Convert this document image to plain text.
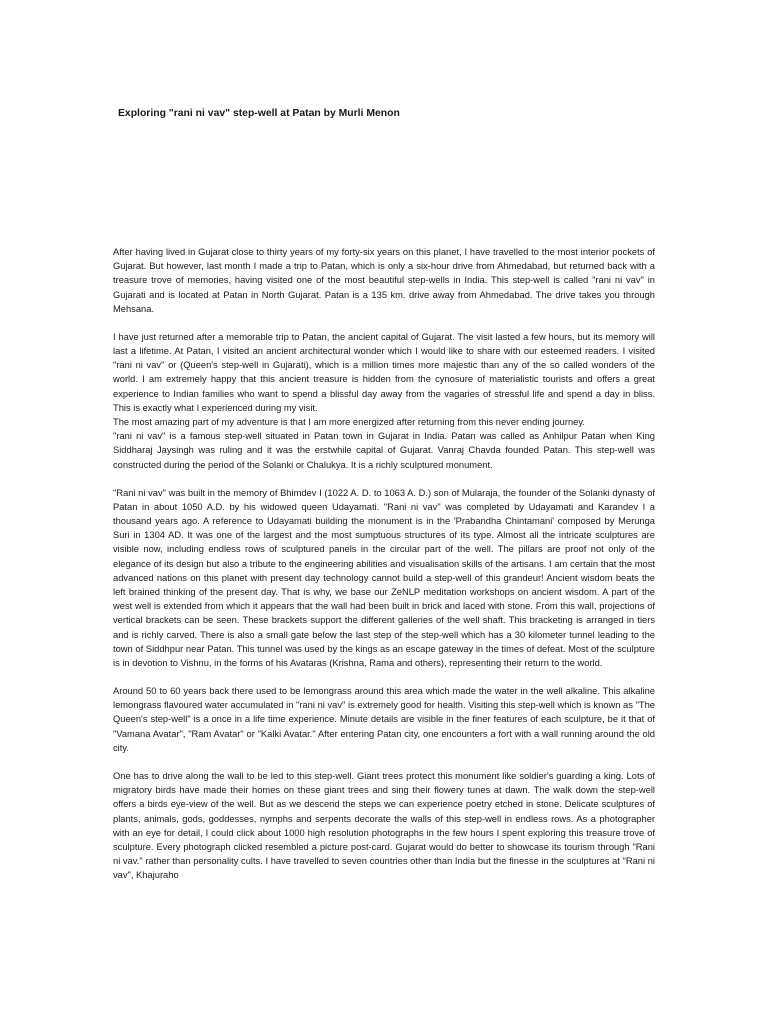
Exploring "rani ni vav" step-well at Patan by Murli Menon

After having lived in Gujarat close to thirty years of my forty-six years on this planet, I have travelled to the most interior pockets of Gujarat. But however, last month I made a trip to Patan, which is only a six-hour drive from Ahmedabad, but returned back with a treasure trove of memories, having visited one of the most beautiful step-wells in India. This step-well is called "rani ni vav" in Gujarati and is located at Patan in North Gujarat. Patan is a 135 km. drive away from Ahmedabad. The drive takes you through Mehsana.

I have just returned after a memorable trip to Patan, the ancient capital of Gujarat. The visit lasted a few hours, but its memory will last a lifetime. At Patan, I visited an ancient architectural wonder which I would like to share with our esteemed readers. I visited "rani ni vav" or (Queen's step-well in Gujarati), which is a million times more majestic than any of the so called wonders of the world. I am extremely happy that this ancient treasure is hidden from the cynosure of materialistic tourists and offers a great experience to Indian families who want to spend a blissful day away from the vagaries of stressful life and spend a day in bliss. This is exactly what I experienced during my visit.

The most amazing part of my adventure is that I am more energized after returning from this never ending journey.

"rani ni vav" is a famous step-well situated in Patan town in Gujarat in India. Patan was called as Anhilpur Patan when King Siddharaj Jaysingh was ruling and it was the erstwhile capital of Gujarat. Vanraj Chavda founded Patan. This step-well was constructed during the period of the Solanki or Chalukya. It is a richly sculptured monument.

"Rani ni vav" was built in the memory of Bhimdev I (1022 A. D. to 1063 A. D.) son of Mularaja, the founder of the Solanki dynasty of Patan in about 1050 A.D. by his widowed queen Udayamati. "Rani ni vav" was completed by Udayamati and Karandev I a thousand years ago. A reference to Udayamati building the monument is in the 'Prabandha Chintamani' composed by Merunga Suri in 1304 AD. It was one of the largest and the most sumptuous structures of its type. Almost all the intricate sculptures are visible now, including endless rows of sculptured panels in the circular part of the well. The pillars are proof not only of the elegance of its design but also a tribute to the engineering abilities and visualisation skills of the artisans. I am certain that the most advanced nations on this planet with present day technology cannot build a step-well of this grandeur! Ancient wisdom beats the left brained thinking of the present day. That is why, we base our ZeNLP meditation workshops on ancient wisdom. A part of the west well is extended from which it appears that the wall had been built in brick and laced with stone. From this wall, projections of vertical brackets can be seen. These brackets support the different galleries of the well shaft. This bracketing is arranged in tiers and is richly carved. There is also a small gate below the last step of the step-well which has a 30 kilometer tunnel leading to the town of Siddhpur near Patan. This tunnel was used by the kings as an escape gateway in the times of defeat. Most of the sculpture is in devotion to Vishnu, in the forms of his Avataras (Krishna, Rama and others), representing their return to the world.

Around 50 to 60 years back there used to be lemongrass around this area which made the water in the well alkaline. This alkaline lemongrass flavoured water accumulated in "rani ni vav" is extremely good for health. Visiting this step-well which is known as "The Queen's step-well" is a once in a life time experience. Minute details are visible in the finer features of each sculpture, be it that of "Vamana Avatar", "Ram Avatar" or "Kalki Avatar." After entering Patan city, one encounters a fort with a wall running around the old city.

One has to drive along the wall to be led to this step-well. Giant trees protect this monument like soldier's guarding a king. Lots of migratory birds have made their homes on these giant trees and sing their flowery tunes at dawn. The walk down the step-well offers a birds eye-view of the well. But as we descend the steps we can experience poetry etched in stone. Delicate sculptures of plants, animals, gods, goddesses, nymphs and serpents decorate the walls of this step-well in endless rows. As a photographer with an eye for detail, I could click about 1000 high resolution photographs in the few hours I spent exploring this treasure trove of sculpture. Every photograph clicked resembled a picture post-card. Gujarat would do better to showcase its tourism through "Rani ni vav." rather than personality cults. I have travelled to seven countries other than India but the finesse in the sculptures at "Rani ni vav", Khajuraho
